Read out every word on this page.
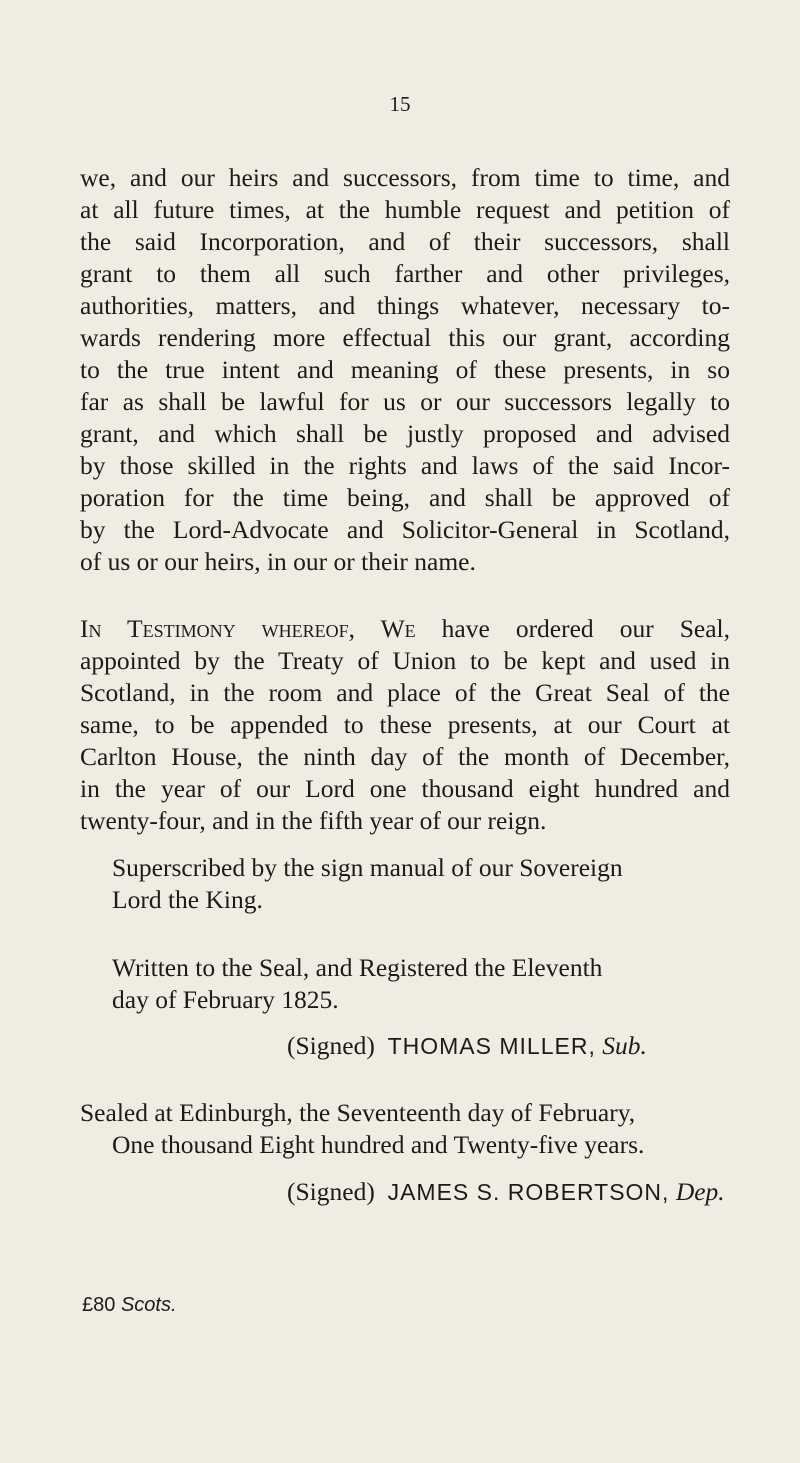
15
we, and our heirs and successors, from time to time, and
at all future times, at the humble request and petition of
the said Incorporation, and of their successors, shall
grant to them all such farther and other privileges,
authorities, matters, and things whatever, necessary to-
wards rendering more effectual this our grant, according
to the true intent and meaning of these presents, in so
far as shall be lawful for us or our successors legally to
grant, and which shall be justly proposed and advised
by those skilled in the rights and laws of the said Incor-
poration for the time being, and shall be approved of
by the Lord-Advocate and Solicitor-General in Scotland,
of us or our heirs, in our or their name.
In Testimony whereof, We have ordered our Seal,
appointed by the Treaty of Union to be kept and used in
Scotland, in the room and place of the Great Seal of the
same, to be appended to these presents, at our Court at
Carlton House, the ninth day of the month of December,
in the year of our Lord one thousand eight hundred and
twenty-four, and in the fifth year of our reign.
Superscribed by the sign manual of our Sovereign
Lord the King.
Written to the Seal, and Registered the Eleventh
day of February 1825.
(Signed) THOMAS MILLER, Sub.
Sealed at Edinburgh, the Seventeenth day of February,
One thousand Eight hundred and Twenty-five years.
(Signed) JAMES S. ROBERTSON, Dep.
£80 Scots.
